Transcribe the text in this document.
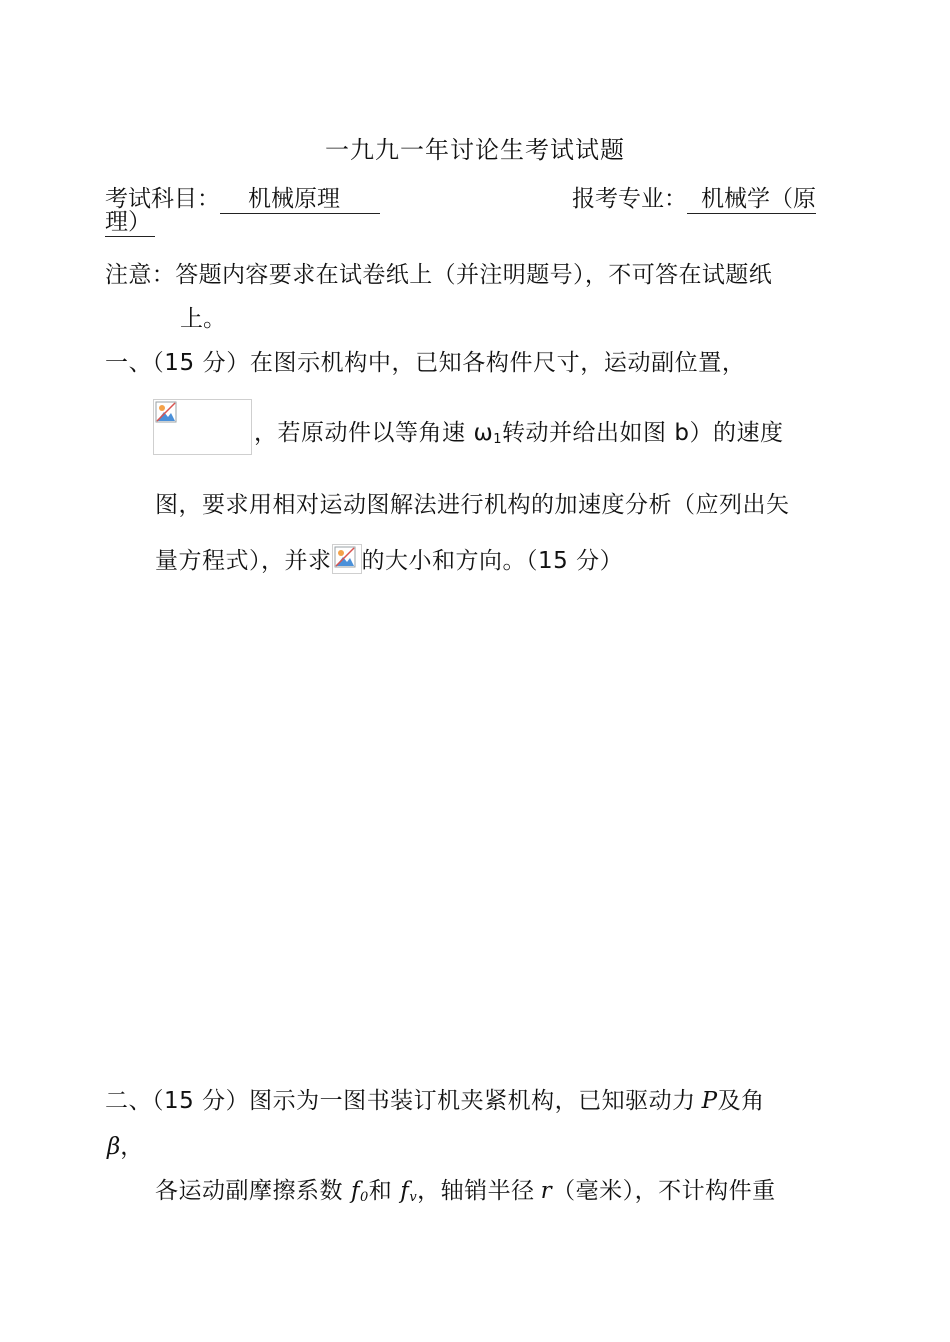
一九九一年讨论生考试试题
考试科目： 机械原理	报考专业： 机械学（原
理）
注意：答题内容要求在试卷纸上（并注明题号），不可答在试题纸
上。
一、（15 分）在图示机构中，已知各构件尺寸，运动副位置，
，若原动件以等角速 $\omega_1$转动并给出如图 b）的速度
图，要求用相对运动图解法进行机构的加速度分析（应列出矢
量方程式），并求 的大小和方向。（15 分）
二、（15 分）图示为一图书装订机夹紧机构，已知驱动力 P及角
β，
各运动副摩擦系数 $f_0$和 $f_v$，轴销半径 r（毫米），不计构件重
